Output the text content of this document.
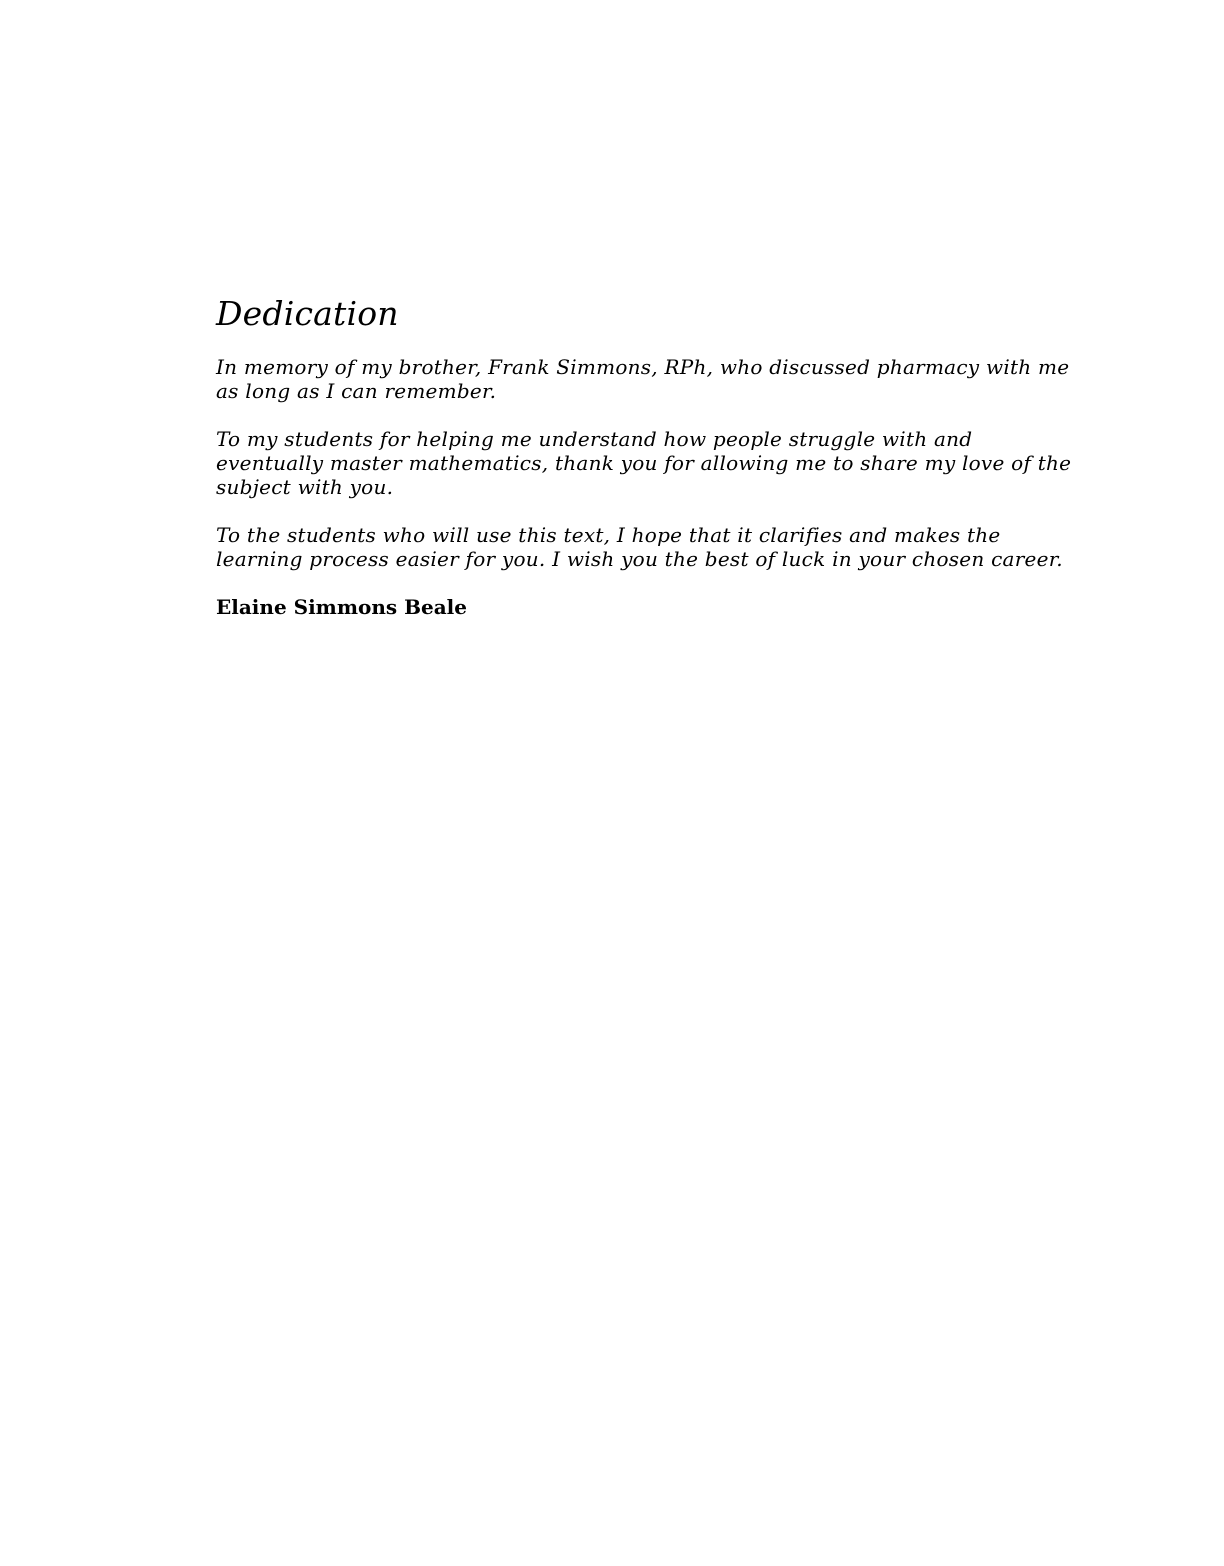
Dedication

In memory of my brother, Frank Simmons, RPh, who discussed pharmacy with me as long as I can remember.

To my students for helping me understand how people struggle with and eventually master mathematics, thank you for allowing me to share my love of the subject with you.

To the students who will use this text, I hope that it clarifies and makes the learning process easier for you. I wish you the best of luck in your chosen career.

Elaine Simmons Beale
